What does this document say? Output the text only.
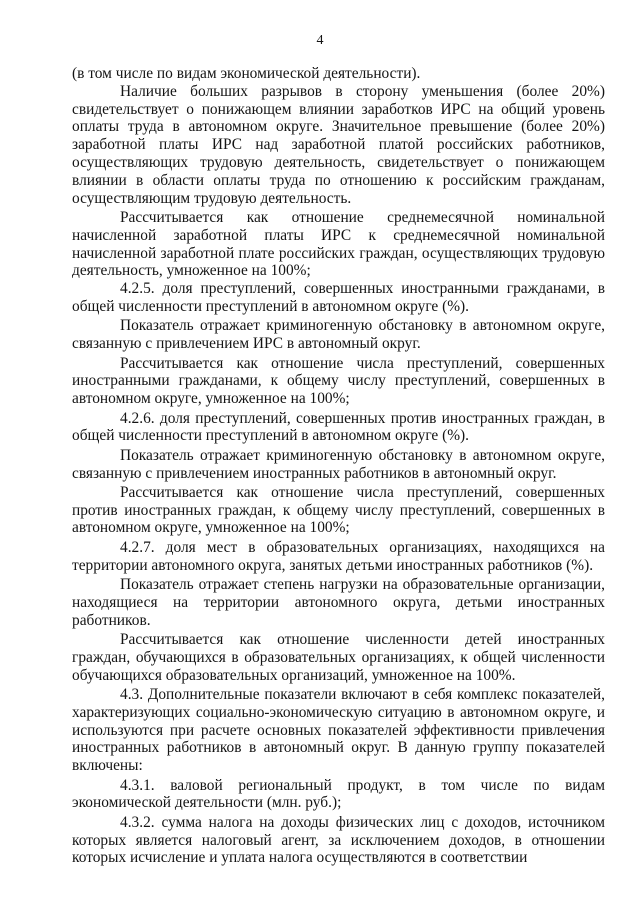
4

(в том числе по видам экономической деятельности).

Наличие больших разрывов в сторону уменьшения (более 20%) свидетельствует о понижающем влиянии заработков ИРС на общий уровень оплаты труда в автономном округе. Значительное превышение (более 20%) заработной платы ИРС над заработной платой российских работников, осуществляющих трудовую деятельность, свидетельствует о понижающем влиянии в области оплаты труда по отношению к российским гражданам, осуществляющим трудовую деятельность.

Рассчитывается как отношение среднемесячной номинальной начисленной заработной платы ИРС к среднемесячной номинальной начисленной заработной плате российских граждан, осуществляющих трудовую деятельность, умноженное на 100%;

4.2.5. доля преступлений, совершенных иностранными гражданами, в общей численности преступлений в автономном округе (%).

Показатель отражает криминогенную обстановку в автономном округе, связанную с привлечением ИРС в автономный округ.

Рассчитывается как отношение числа преступлений, совершенных иностранными гражданами, к общему числу преступлений, совершенных в автономном округе, умноженное на 100%;

4.2.6. доля преступлений, совершенных против иностранных граждан, в общей численности преступлений в автономном округе (%).

Показатель отражает криминогенную обстановку в автономном округе, связанную с привлечением иностранных работников в автономный округ.

Рассчитывается как отношение числа преступлений, совершенных против иностранных граждан, к общему числу преступлений, совершенных в автономном округе, умноженное на 100%;

4.2.7. доля мест в образовательных организациях, находящихся на территории автономного округа, занятых детьми иностранных работников (%).

Показатель отражает степень нагрузки на образовательные организации, находящиеся на территории автономного округа, детьми иностранных работников.

Рассчитывается как отношение численности детей иностранных граждан, обучающихся в образовательных организациях, к общей численности обучающихся образовательных организаций, умноженное на 100%.

4.3. Дополнительные показатели включают в себя комплекс показателей, характеризующих социально-экономическую ситуацию в автономном округе, и используются при расчете основных показателей эффективности привлечения иностранных работников в автономный округ. В данную группу показателей включены:

4.3.1. валовой региональный продукт, в том числе по видам экономической деятельности (млн. руб.);

4.3.2. сумма налога на доходы физических лиц с доходов, источником которых является налоговый агент, за исключением доходов, в отношении которых исчисление и уплата налога осуществляются в соответствии
